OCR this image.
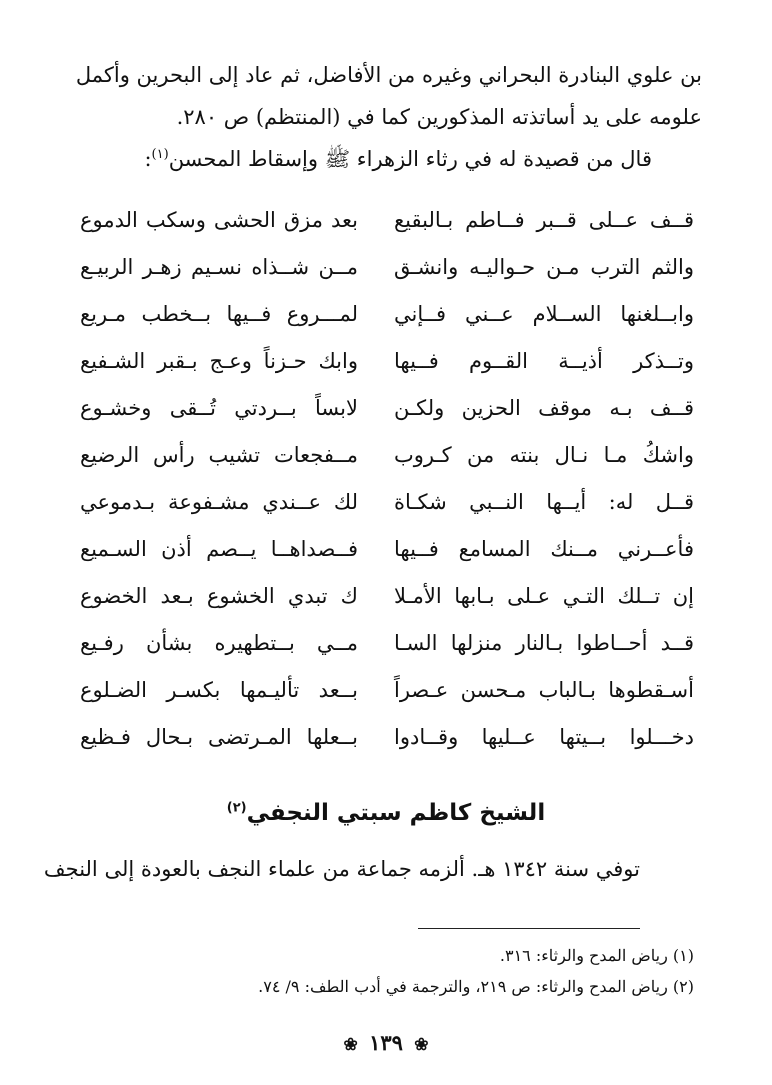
بن علوي البنادرة البحراني وغيره من الأفاضل، ثم عاد إلى البحرين وأكمل
علومه على يد أساتذته المذكورين كما في (المنتظم) ص ٢٨٠.

قال من قصيدة له في رثاء الزهراء ﷺ وإسقاط المحسن$^{(١)}$:
قــف عــلى قــبر فــاطم بـالبقيع
بعد مزق الحشى وسكب الدموع
والثم الترب مـن حـواليـه وانشـق
مــن شــذاه نسـيم زهـر الربيـع
وابــلغنها الســلام عــني فــإني
لمـــروع فــيها بــخطب مـريع
وتــذكر أذيــة القــوم فــيها
وابك حـزناً وعـج بـقبر الشـفيع
قــف بـه موقف الحزين ولكـن
لابساً بــردتي تُــقى وخشـوع
واشكُ مـا نـال بنته من كـروب
مــفجعات تشيب رأس الرضيع
قــل له: أيــها النــبي شكـاة
لك عــندي مشـفوعة بـدموعي
فأعــرني مــنك المسامع فــيها
فــصداهــا يــصم أذن السـميع
إن تــلك التـي عـلى بـابها الأمـلا
ك تبدي الخشوع بـعد الخضوع
قــد أحــاطوا بـالنار منزلها السـا
مــي بــتطهيره بشأن رفـيع
أسـقطوها بـالباب مـحسن عـصراً
بــعد تأليـمها بكسـر الضـلوع
دخـــلوا بــيتها عــليها وقــادوا
بــعلها المـرتضى بـحال فـظيع
الشيخ كاظم سبتي النجفي$^{(٢)}$
توفي سنة ١٣٤٢ هـ. ألزمه جماعة من علماء النجف بالعودة إلى النجف
(١) رياض المدح والرثاء: ٣١٦.
(٢) رياض المدح والرثاء: ص ٢١٩، والترجمة في أدب الطف: ٩/ ٧٤.
❀ ١٣٩ ❀
